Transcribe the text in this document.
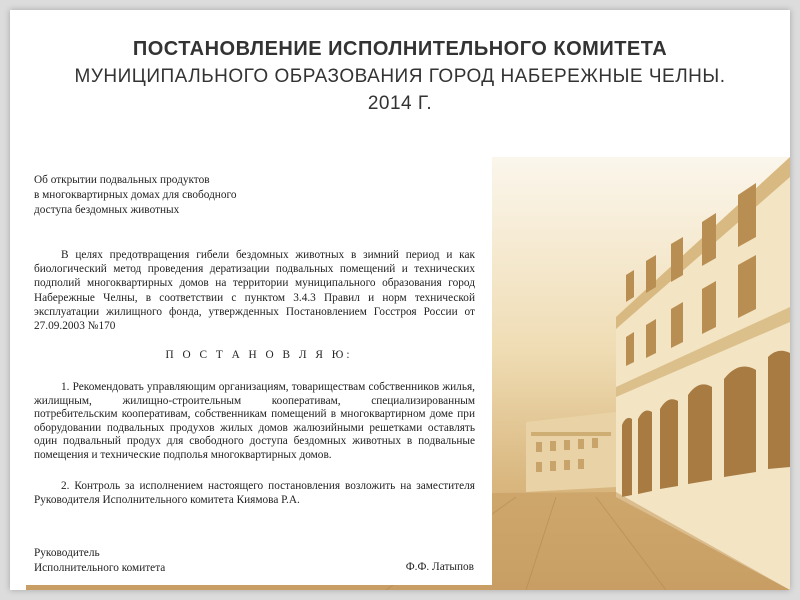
ПОСТАНОВЛЕНИЕ ИСПОЛНИТЕЛЬНОГО КОМИТЕТА
МУНИЦИПАЛЬНОГО ОБРАЗОВАНИЯ ГОРОД НАБЕРЕЖНЫЕ ЧЕЛНЫ. 2014 Г.
Об открытии подвальных продуктов
в многоквартирных домах для свободного
доступа бездомных животных
В целях предотвращения гибели бездомных животных в зимний период и как биологический метод проведения дератизации подвальных помещений и технических подполий многоквартирных домов на территории муниципального образования город Набережные Челны, в соответствии с пунктом 3.4.3 Правил и норм технической эксплуатации жилищного фонда, утвержденных Постановлением Госстроя России от 27.09.2003 №170
П О С Т А Н О В Л Я Ю:
1. Рекомендовать управляющим организациям, товариществам собственников жилья, жилищным, жилищно-строительным кооперативам, специализированным потребительским кооперативам, собственникам помещений в многоквартирном доме при оборудовании подвальных продухов жилых домов жалюзийными решетками оставлять один подвальный продух для свободного доступа бездомных животных в подвальные помещения и технические подполья многоквартирных домов.
2. Контроль за исполнением настоящего постановления возложить на заместителя Руководителя Исполнительного комитета Киямова Р.А.
Руководитель
Исполнительного комитета	Ф.Ф. Латыпов
